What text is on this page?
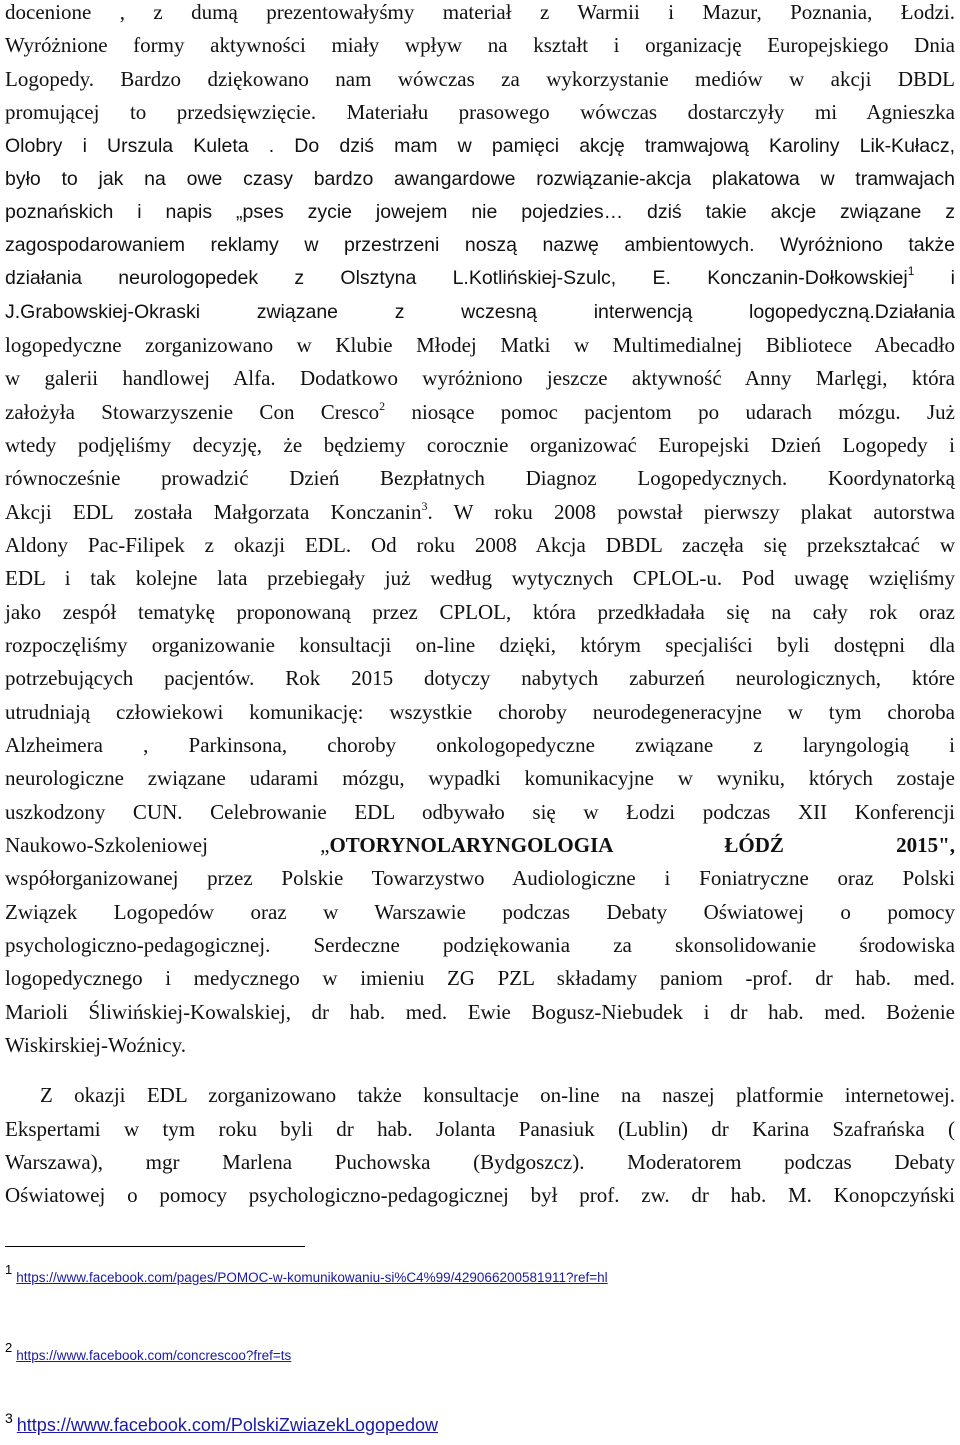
docenione , z dumą prezentowałyśmy materiał z Warmii i Mazur, Poznania, Łodzi.
Wyróżnione formy aktywności miały wpływ na kształt i organizację Europejskiego Dnia
Logopedy. Bardzo dziękowano nam wówczas za wykorzystanie mediów w akcji DBDL
promującej to przedsięwzięcie. Materiału prasowego wówczas dostarczyły mi Agnieszka
Olobry i Urszula Kuleta . Do dziś mam w pamięci akcję tramwajową Karoliny Lik-Kułacz,
było to jak na owe czasy bardzo awangardowe rozwiązanie-akcja plakatowa w tramwajach
poznańskich i napis „pses zycie jowejem nie pojedzies… dziś takie akcje związane z
zagospodarowaniem reklamy w przestrzeni noszą nazwę ambientowych. Wyróżniono także
działania neurologopedek z Olsztyna L.Kotlińskiej-Szulc, E. Konczanin-Dołkowskiej$^1$ i
J.Grabowskiej-Okraski związane z wczesną interwencją logopedyczną.Działania
logopedyczne zorganizowano w Klubie Młodej Matki w Multimedialnej Bibliotece Abecadło
w galerii handlowej Alfa. Dodatkowo wyróżniono jeszcze aktywność Anny Marlęgi, która
założyła Stowarzyszenie Con Cresco$^2$ niosące pomoc pacjentom po udarach mózgu. Już
wtedy podjęliśmy decyzję, że będziemy corocznie organizować Europejski Dzień Logopedy i
równocześnie prowadzić Dzień Bezpłatnych Diagnoz Logopedycznych. Koordynatorką
Akcji EDL została Małgorzata Konczanin$^3$. W roku 2008 powstał pierwszy plakat autorstwa
Aldony Pac-Filipek z okazji EDL. Od roku 2008 Akcja DBDL zaczęła się przekształcać w
EDL i tak kolejne lata przebiegały już według wytycznych CPLOL-u. Pod uwagę wzięliśmy
jako zespół tematykę proponowaną przez CPLOL, która przedkładała się na cały rok oraz
rozpoczęliśmy organizowanie konsultacji on-line dzięki, którym specjaliści byli dostępni dla
potrzebujących pacjentów. Rok 2015 dotyczy nabytych zaburzeń neurologicznych, które
utrudniają człowiekowi komunikację: wszystkie choroby neurodegeneracyjne w tym choroba
Alzheimera , Parkinsona, choroby onkologopedyczne związane z laryngologią i
neurologiczne związane udarami mózgu, wypadki komunikacyjne w wyniku, których zostaje
uszkodzony CUN. Celebrowanie EDL odbywało się w Łodzi podczas XII Konferencji
Naukowo-Szkoleniowej „OTORYNOLARYNGOLOGIA ŁÓDŹ 2015",
współorganizowanej przez Polskie Towarzystwo Audiologiczne i Foniatryczne oraz Polski
Związek Logopedów oraz w Warszawie podczas Debaty Oświatowej o pomocy
psychologiczno-pedagogicznej. Serdeczne podziękowania za skonsolidowanie środowiska
logopedycznego i medycznego w imieniu ZG PZL składamy paniom -prof. dr hab. med.
Marioli Śliwińskiej-Kowalskiej, dr hab. med. Ewie Bogusz-Niebudek i dr hab. med. Bożenie
Wiskirskiej-Woźnicy.
Z okazji EDL zorganizowano także konsultacje on-line na naszej platformie internetowej.
Ekspertami w tym roku byli dr hab. Jolanta Panasiuk (Lublin) dr Karina Szafrańska (
Warszawa), mgr Marlena Puchowska (Bydgoszcz). Moderatorem podczas Debaty
Oświatowej o pomocy psychologiczno-pedagogicznej był prof. zw. dr hab. M. Konopczyński
$^1$https://www.facebook.com/pages/POMOC-w-komunikowaniu-si%C4%99/429066200581911?ref=hl
$^2$https://www.facebook.com/concrescoo?fref=ts
3 https://www.facebook.com/PolskiZwiazekLogopedow
